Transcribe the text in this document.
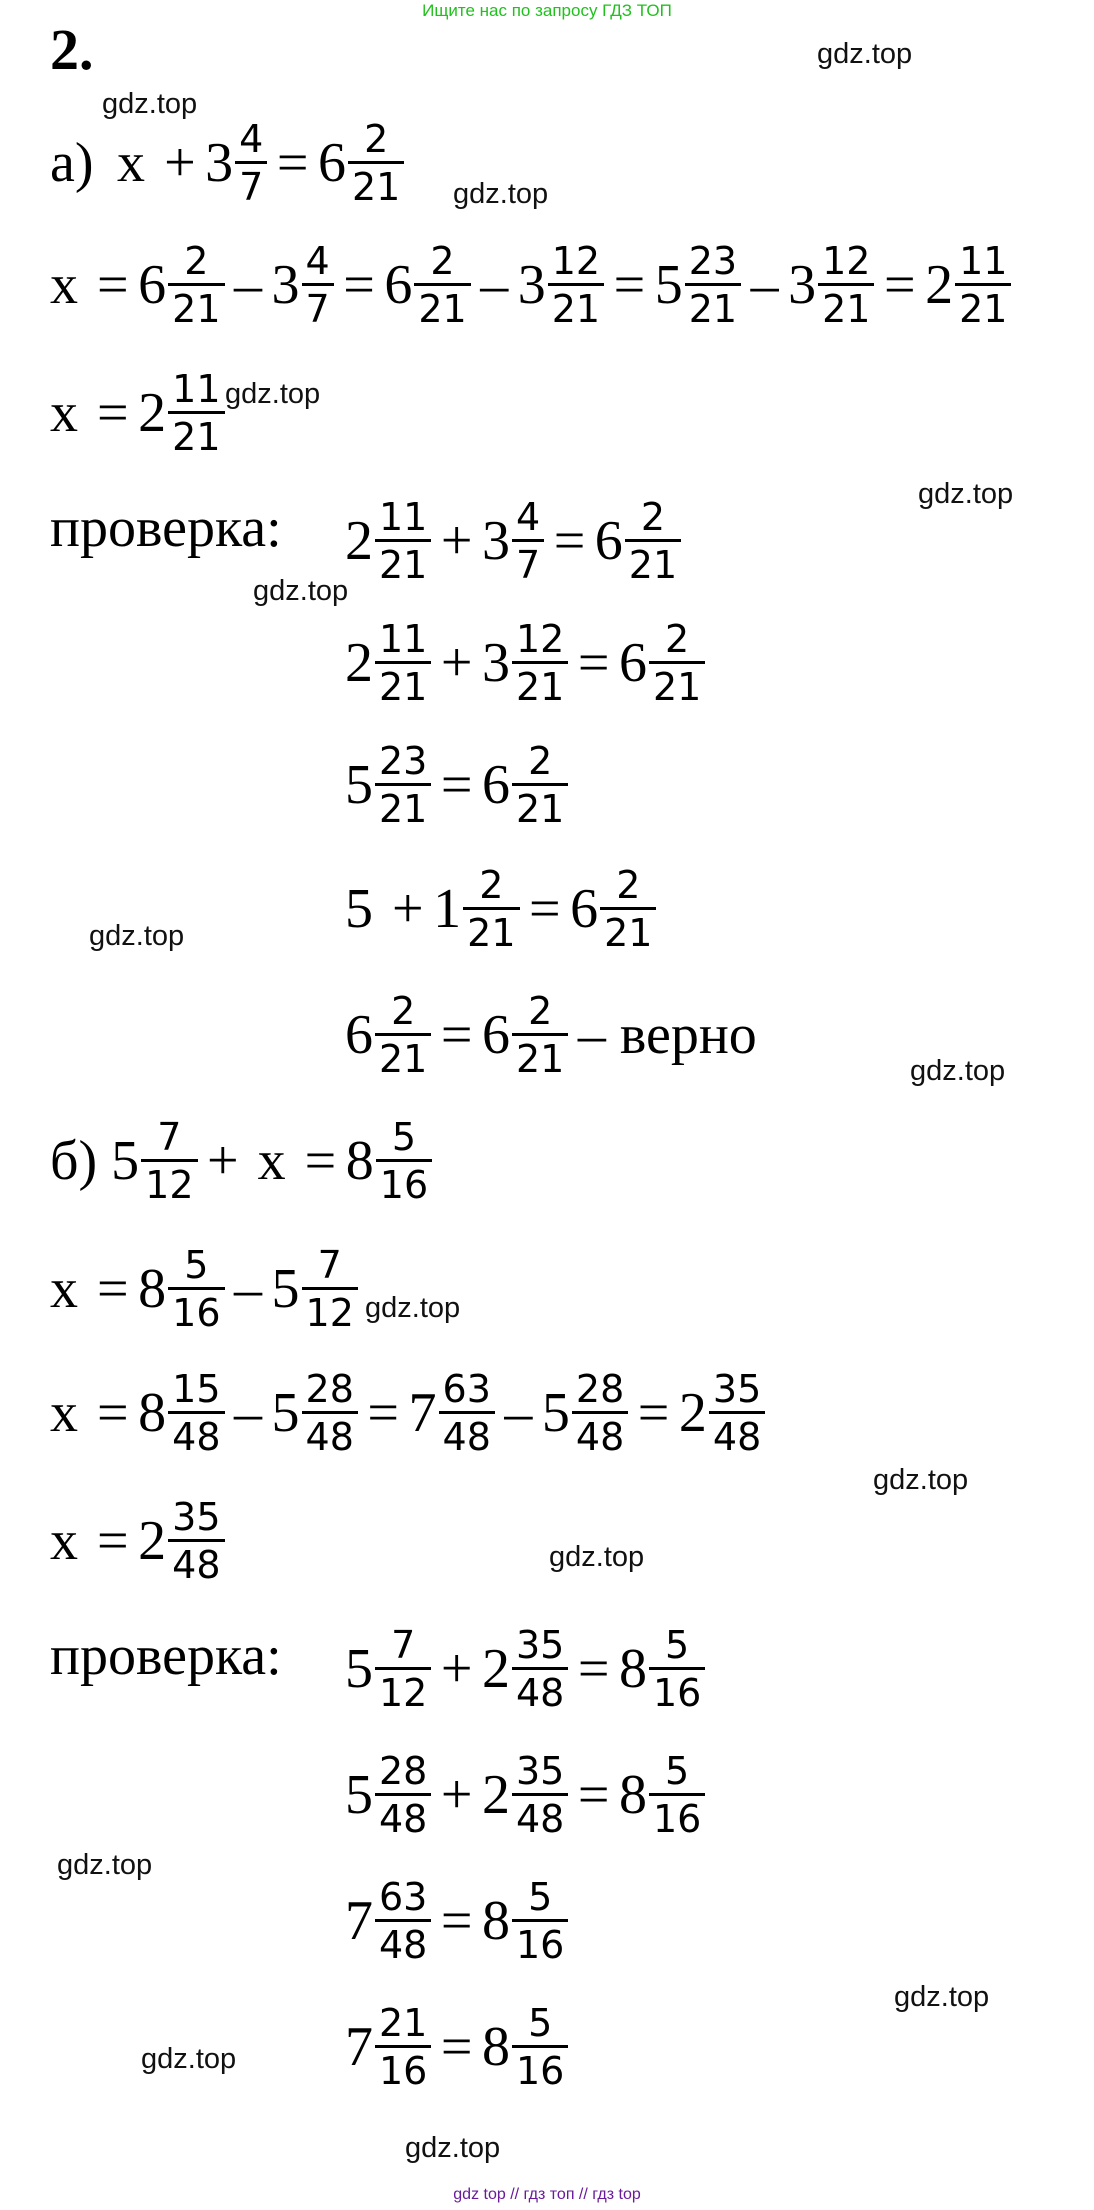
Ищите нас по запросу ГДЗ ТОП
2.
а)
$x + 3 \frac{4}{7} = 6 \frac{2}{21}$
$x = 6 \frac{2}{21} - 3 \frac{4}{7} = 6 \frac{2}{21} - 3 \frac{12}{21} = 5 \frac{23}{21} - 3 \frac{12}{21} = 2 \frac{11}{21}$
$x = 2 \frac{11}{21}$
проверка: $2 \frac{11}{21} + 3 \frac{4}{7} = 6 \frac{2}{21}$
$2 \frac{11}{21} + 3 \frac{12}{21} = 6 \frac{2}{21}$
$5 \frac{23}{21} = 6 \frac{2}{21}$
$5 + 1 \frac{2}{21} = 6 \frac{2}{21}$
$6 \frac{2}{21} = 6 \frac{2}{21}$ – верно
б)
$5 \frac{7}{12} + x = 8 \frac{5}{16}$
$x = 8 \frac{5}{16} - 5 \frac{7}{12}$
$x = 8 \frac{15}{48} - 5 \frac{28}{48} = 7 \frac{63}{48} - 5 \frac{28}{48} = 2 \frac{35}{48}$
$x = 2 \frac{35}{48}$
проверка: $5 \frac{7}{12} + 2 \frac{35}{48} = 8 \frac{5}{16}$
$5 \frac{28}{48} + 2 \frac{35}{48} = 8 \frac{5}{16}$
$7 \frac{63}{48} = 8 \frac{5}{16}$
$7 \frac{21}{16} = 8 \frac{5}{16}$
gdz.top
gdz.top
gdz.top
gdz.top
gdz.top
gdz.top
gdz.top
gdz.top
gdz.top
gdz.top
gdz.top
gdz.top
gdz.top
gdz.top
gdz.top
gdz top // гдз топ // гдз top
